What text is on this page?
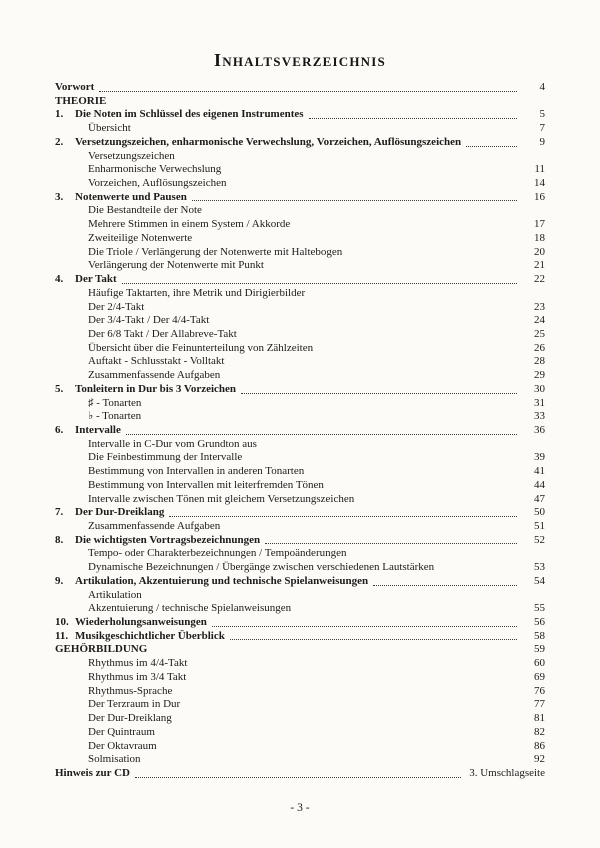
Inhaltsverzeichnis
Vorwort	4
THEORIE
1.	Die Noten im Schlüssel des eigenen Instrumentes	5
Übersicht	7
2.	Versetzungszeichen, enharmonische Verwechslung, Vorzeichen, Auflösungszeichen	9
Versetzungszeichen
Enharmonische Verwechslung	11
Vorzeichen, Auflösungszeichen	14
3.	Notenwerte und Pausen	16
Die Bestandteile der Note
Mehrere Stimmen in einem System / Akkorde	17
Zweiteilige Notenwerte	18
Die Triole / Verlängerung der Notenwerte mit Haltebogen	20
Verlängerung der Notenwerte mit Punkt	21
4.	Der Takt	22
Häufige Taktarten, ihre Metrik und Dirigierbilder
Der 2/4-Takt	23
Der 3/4-Takt / Der 4/4-Takt	24
Der 6/8 Takt / Der Allabreve-Takt	25
Übersicht über die Feinunterteilung von Zählzeiten	26
Auftakt - Schlusstakt - Volltakt	28
Zusammenfassende Aufgaben	29
5.	Tonleitern in Dur bis 3 Vorzeichen	30
♯ - Tonarten	31
♭ - Tonarten	33
6.	Intervalle	36
Intervalle in C-Dur vom Grundton aus
Die Feinbestimmung der Intervalle	39
Bestimmung von Intervallen in anderen Tonarten	41
Bestimmung von Intervallen mit leiterfremden Tönen	44
Intervalle zwischen Tönen mit gleichem Versetzungszeichen	47
7.	Der Dur-Dreiklang	50
Zusammenfassende Aufgaben	51
8.	Die wichtigsten Vortragsbezeichnungen	52
Tempo- oder Charakterbezeichnungen / Tempoänderungen
Dynamische Bezeichnungen / Übergänge zwischen verschiedenen Lautstärken	53
9.	Artikulation, Akzentuierung und technische Spielanweisungen	54
Artikulation
Akzentuierung / technische Spielanweisungen	55
10. Wiederholungsanweisungen	56
11. Musikgeschichtlicher Überblick	58
GEHÖRBILDUNG	59
Rhythmus im 4/4-Takt	60
Rhythmus im 3/4 Takt	69
Rhythmus-Sprache	76
Der Terzraum in Dur	77
Der Dur-Dreiklang	81
Der Quintraum	82
Der Oktavraum	86
Solmisation	92
Hinweis zur CD	3. Umschlagseite
- 3 -
